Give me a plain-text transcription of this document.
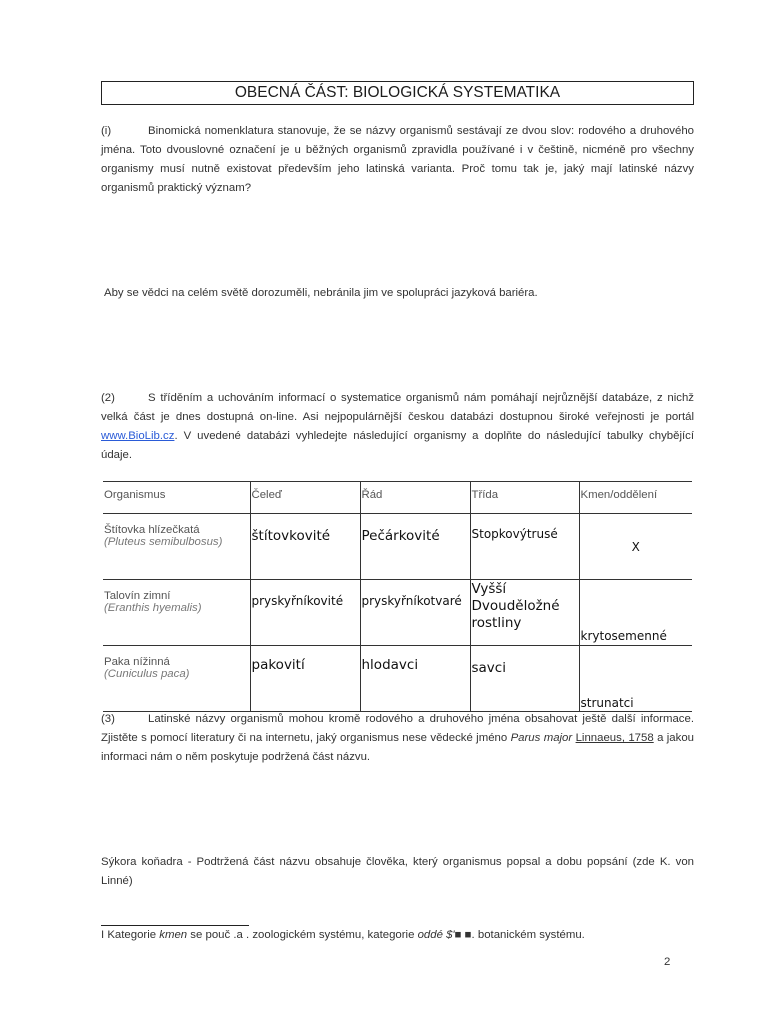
OBECNÁ ČÁST: BIOLOGICKÁ SYSTEMATIKA
(i)	Binomická nomenklatura stanovuje, že se názvy organismů sestávají ze dvou slov: rodového a druhového jména. Toto dvouslovné označení je u běžných organismů zpravidla používané i v češtině, nicméně pro všechny organismy musí nutně existovat především jeho latinská varianta. Proč tomu tak je, jaký mají latinské názvy organismů praktický význam?
Aby se vědci na celém světě dorozuměli, nebránila jim ve spolupráci jazyková bariéra.
(2)	S tříděním a uchováním informací o systematice organismů nám pomáhají nejrůznější databáze, z nichž velká část je dnes dostupná on-line. Asi nejpopulárnější českou databázi dostupnou široké veřejnosti je portál www.BioLib.cz. V uvedené databázi vyhledejte následující organismy a doplňte do následující tabulky chybějící údaje.
Organismus	Čeleď	Řád	Třída	Kmen/oddělení

Štítovka hlízečkatá
(Pluteus semibulbosus)	štítovkovité	Pečárkovité	Stopkovýtrusé	X

Talovín zimní
(Eranthis hyemalis)	pryskyřníkovité	pryskyřníkotvaré	Vyšší Dvouděložné rostliny	krytosemenné

Paka nížinná
(Cuniculus paca)	pakovití	hlodavci	savci	strunatci
(3)	Latinské názvy organismů mohou kromě rodového a druhového jména obsahovat ještě další informace. Zjistěte s pomocí literatury či na internetu, jaký organismus nese vědecké jméno Parus major Linnaeus, 1758 a jakou informaci nám o něm poskytuje podržená část názvu.
Sýkora koňadra - Podtržená část názvu obsahuje člověka, který organismus popsal a dobu popsání (zde K. von Linné)
I Kategorie kmen se pouč .a . zoologickém systému, kategorie oddé $'■ ■. botanickém systému.
2
